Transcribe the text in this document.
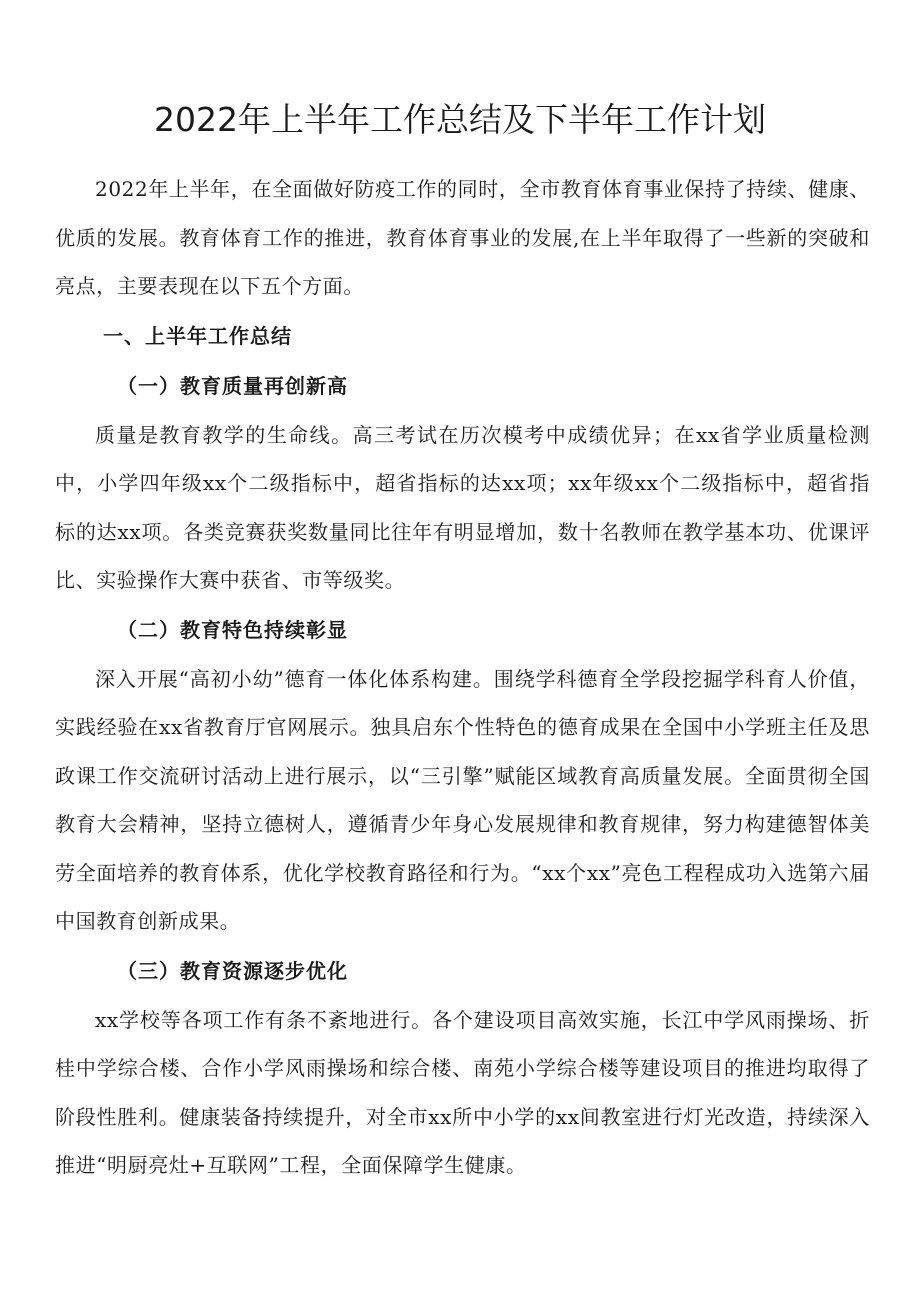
2022年上半年工作总结及下半年工作计划

2022年上半年，在全面做好防疫工作的同时，全市教育体育事业保持了持续、健康、优质的发展。教育体育工作的推进，教育体育事业的发展,在上半年取得了一些新的突破和亮点，主要表现在以下五个方面。

一、上半年工作总结

（一）教育质量再创新高

质量是教育教学的生命线。高三考试在历次模考中成绩优异；在xx省学业质量检测中，小学四年级xx个二级指标中，超省指标的达xx项；xx年级xx个二级指标中，超省指标的达xx项。各类竞赛获奖数量同比往年有明显增加，数十名教师在教学基本功、优课评比、实验操作大赛中获省、市等级奖。

（二）教育特色持续彰显

深入开展“高初小幼”德育一体化体系构建。围绕学科德育全学段挖掘学科育人价值，实践经验在xx省教育厅官网展示。独具启东个性特色的德育成果在全国中小学班主任及思政课工作交流研讨活动上进行展示，以“三引擎”赋能区域教育高质量发展。全面贯彻全国教育大会精神，坚持立德树人，遵循青少年身心发展规律和教育规律，努力构建德智体美劳全面培养的教育体系，优化学校教育路径和行为。“xx个xx”亮色工程程成功入选第六届中国教育创新成果。

（三）教育资源逐步优化

xx学校等各项工作有条不紊地进行。各个建设项目高效实施，长江中学风雨操场、折桂中学综合楼、合作小学风雨操场和综合楼、南苑小学综合楼等建设项目的推进均取得了阶段性胜利。健康装备持续提升，对全市xx所中小学的xx间教室进行灯光改造，持续深入推进“明厨亮灶+互联网”工程，全面保障学生健康。
